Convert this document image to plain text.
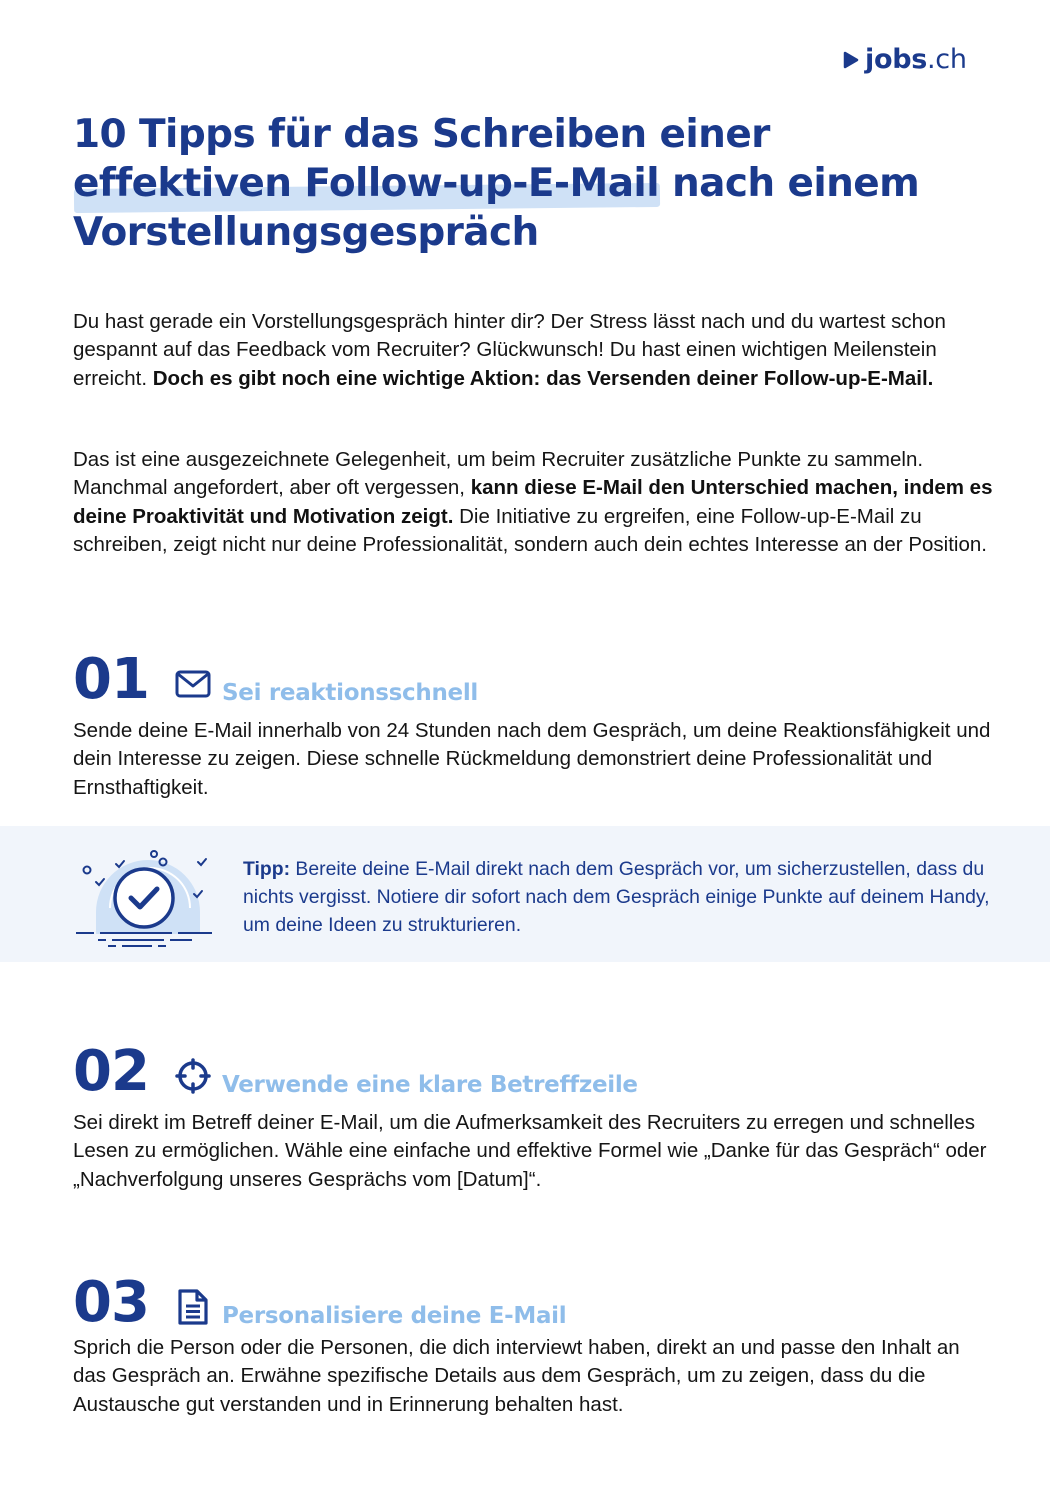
jobs.ch
10 Tipps für das Schreiben einer
effektiven Follow-up-E-Mail nach einem
Vorstellungsgespräch

Du hast gerade ein Vorstellungsgespräch hinter dir? Der Stress lässt nach und du wartest schon gespannt auf das Feedback vom Recruiter? Glückwunsch! Du hast einen wichtigen Meilenstein erreicht. Doch es gibt noch eine wichtige Aktion: das Versenden deiner Follow-up-E-Mail.

Das ist eine ausgezeichnete Gelegenheit, um beim Recruiter zusätzliche Punkte zu sammeln. Manchmal angefordert, aber oft vergessen, kann diese E-Mail den Unterschied machen, indem es deine Proaktivität und Motivation zeigt. Die Initiative zu ergreifen, eine Follow-up-E-Mail zu schreiben, zeigt nicht nur deine Professionalität, sondern auch dein echtes Interesse an der Position.

01	Sei reaktionsschnell

Sende deine E-Mail innerhalb von 24 Stunden nach dem Gespräch, um deine Reaktionsfähigkeit und dein Interesse zu zeigen. Diese schnelle Rückmeldung demonstriert deine Professionalität und Ernsthaftigkeit.

Tipp: Bereite deine E-Mail direkt nach dem Gespräch vor, um sicherzustellen, dass du nichts vergisst. Notiere dir sofort nach dem Gespräch einige Punkte auf deinem Handy, um deine Ideen zu strukturieren.

02	Verwende eine klare Betreffzeile

Sei direkt im Betreff deiner E-Mail, um die Aufmerksamkeit des Recruiters zu erregen und schnelles Lesen zu ermöglichen. Wähle eine einfache und effektive Formel wie „Danke für das Gespräch“ oder „Nachverfolgung unseres Gesprächs vom [Datum]“.

03	Personalisiere deine E-Mail

Sprich die Person oder die Personen, die dich interviewt haben, direkt an und passe den Inhalt an das Gespräch an. Erwähne spezifische Details aus dem Gespräch, um zu zeigen, dass du die Austausche gut verstanden und in Erinnerung behalten hast.
